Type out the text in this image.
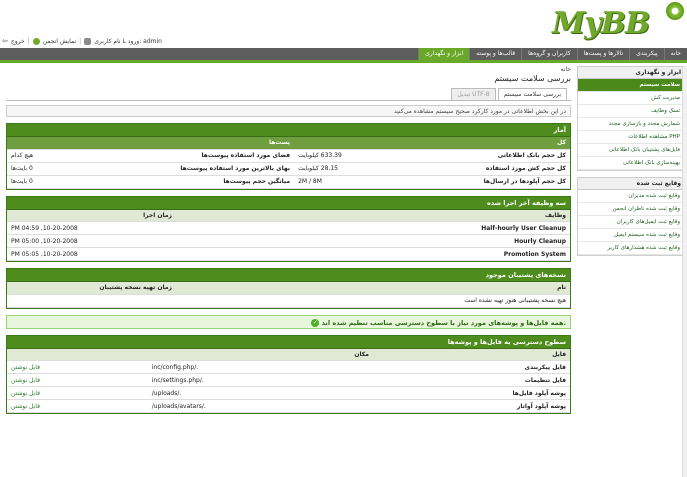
MyBB
⇦ خروج | نمایش انجمن | ورود با نام کاربری: admin
خانه
پیکربندی
تالارها و پست‌ها
کاربران و گروه‌ها
قالب‌ها و پوسته
ابزار و نگهداری
ابزار و نگهداری
سلامت سیستم
مدیریت کش
تسک وظایف
شمارش مجدد و بازسازی مجدد
مشاهده اطلاعات PHP
فایل‌های پشتیبان بانک اطلاعاتی
بهینه‌سازی بانک اطلاعاتی
وقایع ثبت شده
وقایع ثبت شده مدیران
وقایع ثبت شده ناظران انجمن
وقایع ثبت ایمیل‌های کاربران
وقایع ثبت شده سیستم ایمیل
وقایع ثبت شده هشدارهای کاربر
خانه
بررسی سلامت سیستم
بررسی سلامت سیستم
تبدیل UTF-8
در این بخش اطلاعاتی در مورد کارکرد صحیح سیستم مشاهده می‌کنید
آمار
کل		پست‌ها	
کل حجم بانک اطلاعاتی	633.39 کیلوبایت	فضای مورد استفاده پیوست‌ها	هیچ کدام
کل حجم کش مورد استفاده	28.15 کیلوبایت	بهای بالاترین مورد استفاده پیوست‌ها	0 بایت‌ها
کل حجم آپلودها در ارسال‌ها	2M / 8M	میانگین حجم پیوست‌ها	0 بایت‌ها
سه وظیفه آخر اجرا شده
وظایف	زمان اجرا
Half-hourly User Cleanup	10-20-2008, 04:59 PM
Hourly Cleanup	10-20-2008, 05:00 PM
Promotion System	10-20-2008, 05:05 PM
نسخه‌های پشتیبان موجود
نام	زمان تهیه نسخه پشتیبان
هیچ نسخه پشتیبانی هنوز تهیه نشده است
✓ همه فایل‌ها و پوشه‌های مورد نیاز با سطوح دسترسی مناسب تنظیم شده اند.
سطوح دسترسی به فایل‌ها و پوشه‌ها
فایل	مکان	
فایل پیکربندی	./inc/config.php	قابل نوشتن
فایل تنظیمات	./inc/settings.php	قابل نوشتن
پوشه آپلود فایل‌ها	./uploads/	قابل نوشتن
پوشه آپلود آواتار	./uploads/avatars/	قابل نوشتن
